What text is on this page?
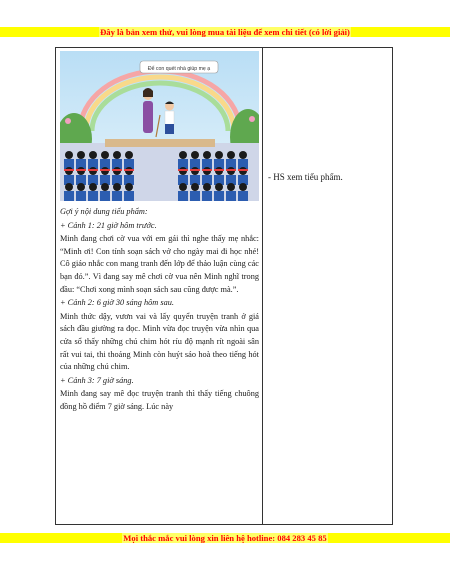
Đây là bản xem thử, vui lòng mua tài liệu để xem chi tiết (có lời giải)
Để con quét nhà giúp mẹ ạ

Gợi ý nội dung tiểu phẩm:

+ Cảnh 1: 21 giờ hôm trước.

Minh đang chơi cờ vua với em gái thì nghe thấy mẹ nhắc: “Minh ơi! Con tính soạn sách vở cho ngày mai đi học nhé! Cô giáo nhắc con mang tranh đến lớp để thảo luận cùng các bạn đó.”. Vì đang say mê chơi cờ vua nên Minh nghĩ trong đầu: “Chơi xong mình soạn sách sau cũng được mà.”.

+ Cảnh 2: 6 giờ 30 sáng hôm sau.

Minh thức dậy, vươn vai và lấy quyển truyện tranh ở giá sách đầu giường ra đọc. Minh vừa đọc truyện vừa nhìn qua cửa sổ thấy những chú chim hót ríu độ mạnh rít ngoài sân rất vui tai, thi thoảng Minh còn huýt sáo hoà theo tiếng hót của những chú chim.

+ Cảnh 3: 7 giờ sáng.

Minh đang say mê đọc truyện tranh thì thấy tiếng chuông đồng hồ điểm 7 giờ sáng. Lúc này

- HS xem tiểu phẩm.
Mọi thắc mắc vui lòng xin liên hệ hotline: 084 283 45 85
